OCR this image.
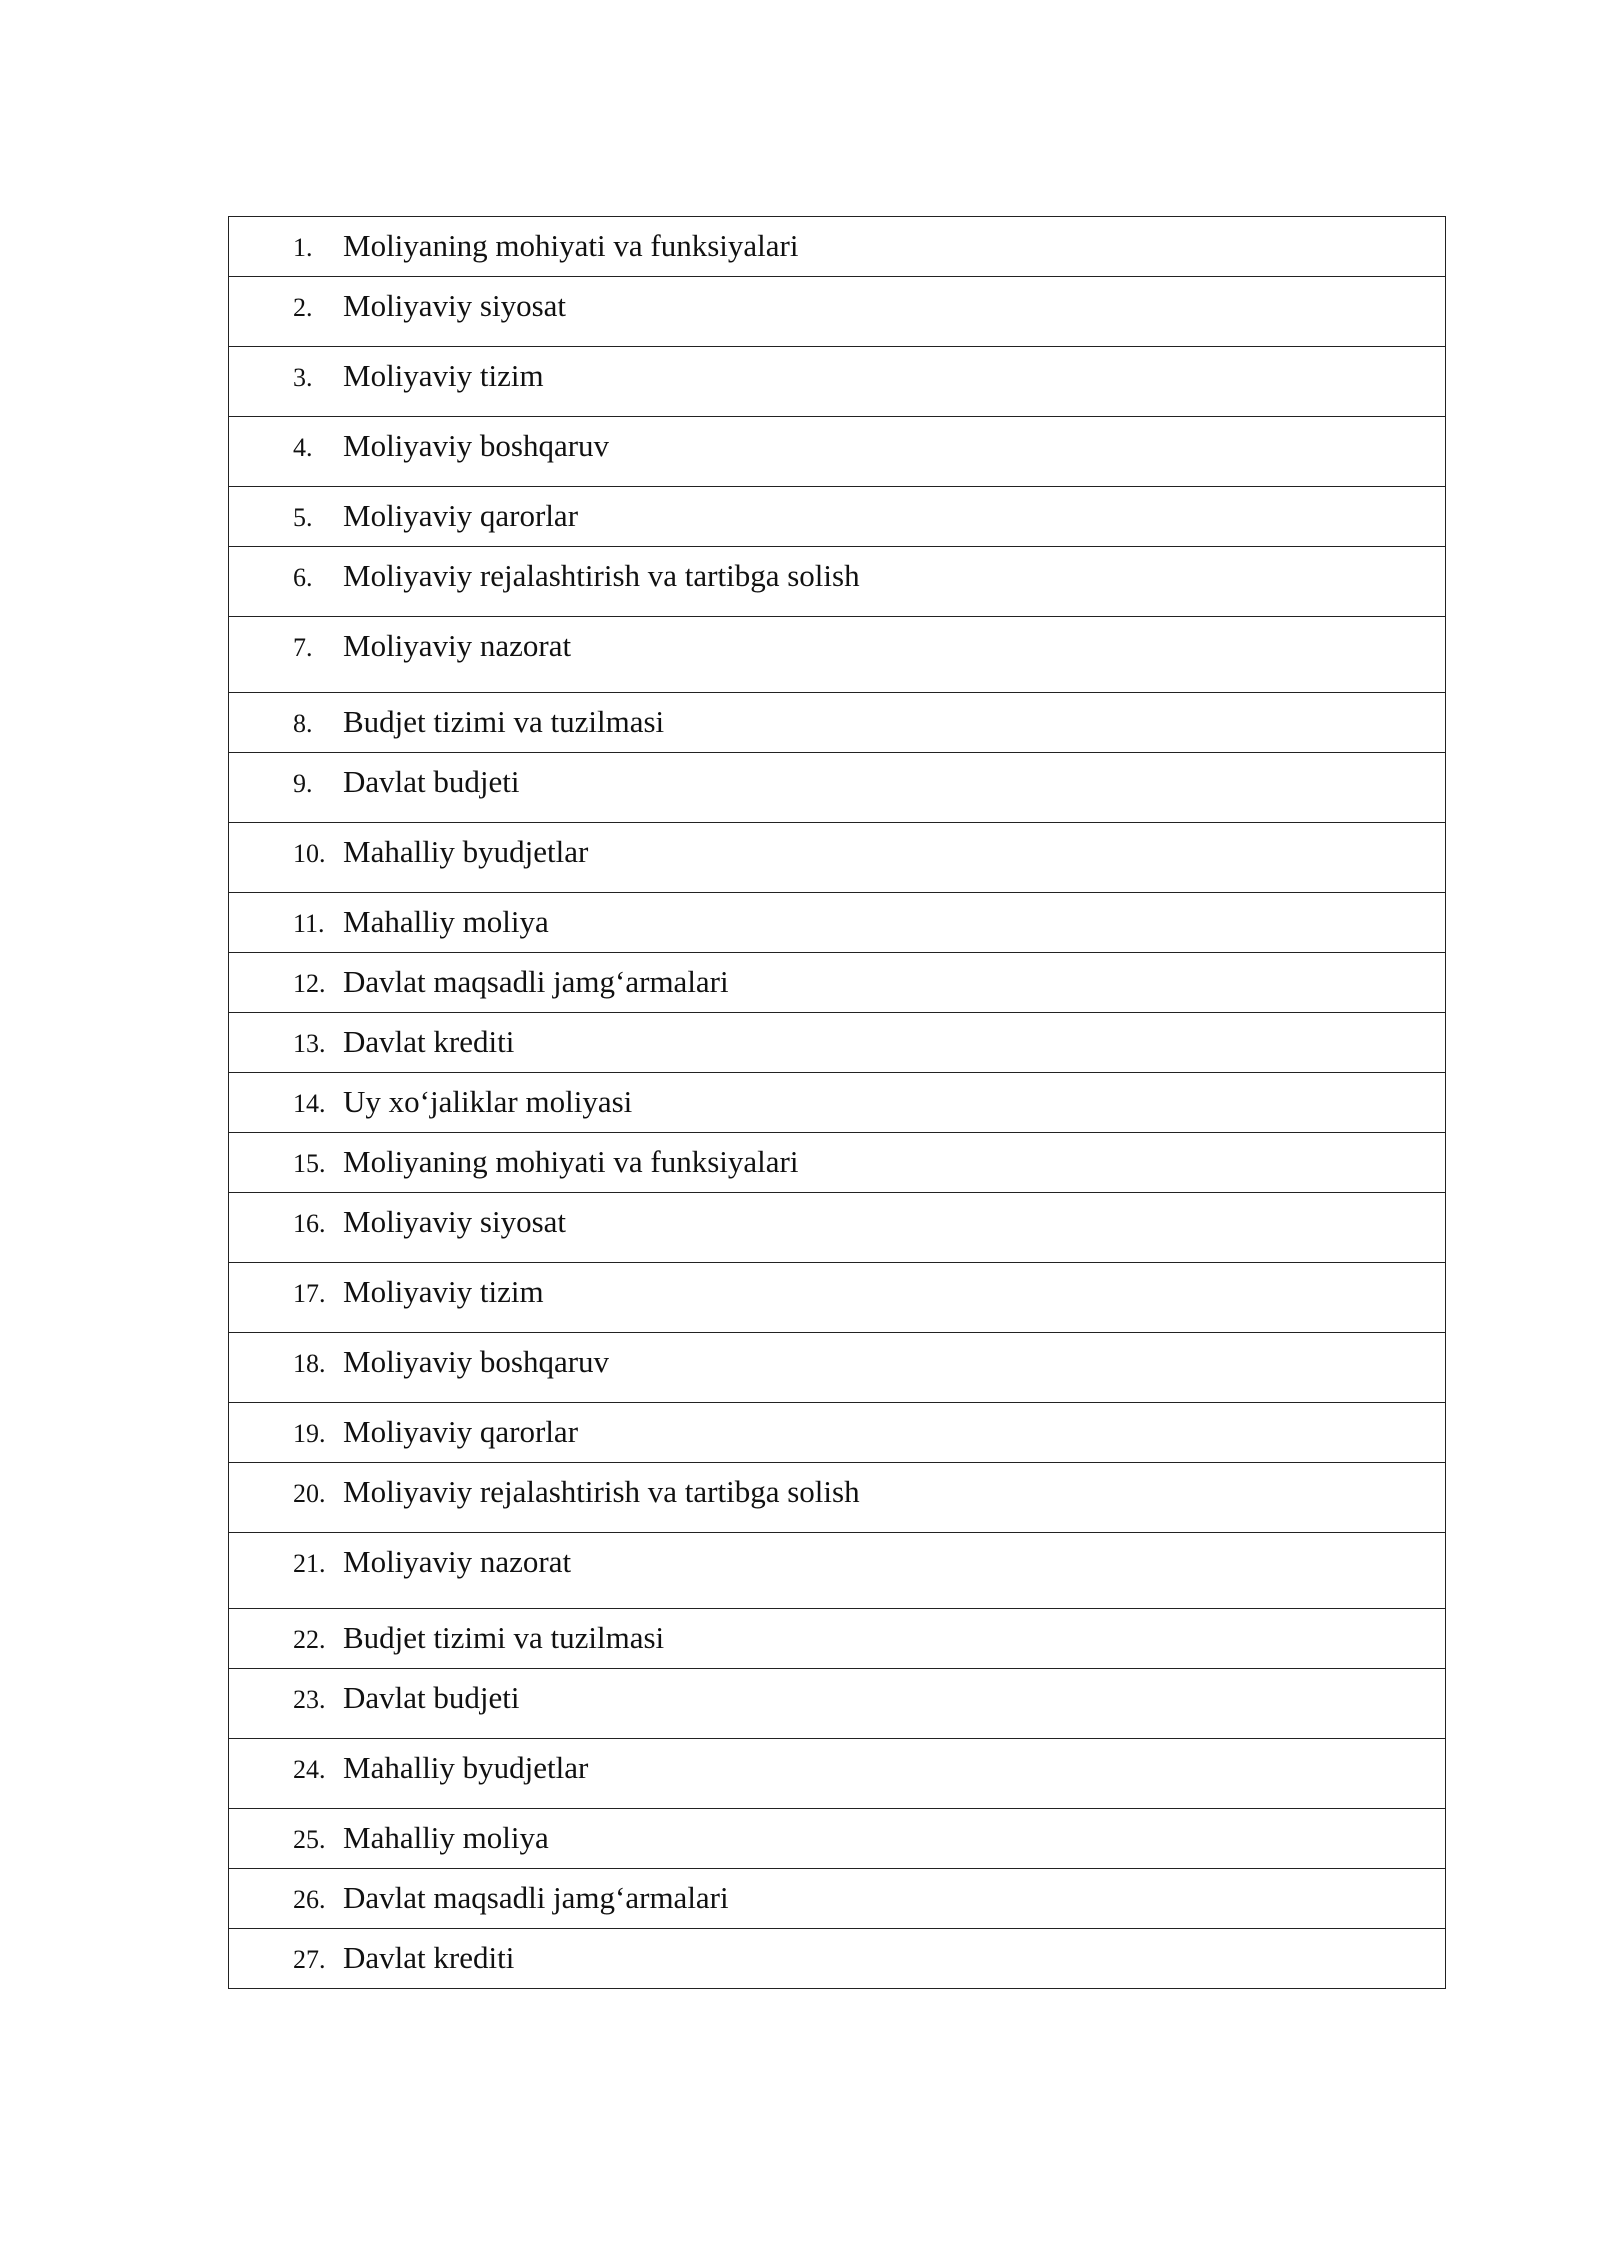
1. Moliyaning mohiyati va funksiyalari

2. Moliyaviy siyosat

3. Moliyaviy tizim

4. Moliyaviy boshqaruv

5. Moliyaviy qarorlar

6. Moliyaviy rejalashtirish va tartibga solish

7. Moliyaviy nazorat

8. Budjet tizimi va tuzilmasi

9. Davlat budjeti

10. Mahalliy byudjetlar

11. Mahalliy moliya

12. Davlat maqsadli jamg‘armalari

13. Davlat krediti

14. Uy xo‘jaliklar moliyasi

15. Moliyaning mohiyati va funksiyalari

16. Moliyaviy siyosat

17. Moliyaviy tizim

18. Moliyaviy boshqaruv

19. Moliyaviy qarorlar

20. Moliyaviy rejalashtirish va tartibga solish

21. Moliyaviy nazorat

22. Budjet tizimi va tuzilmasi

23. Davlat budjeti

24. Mahalliy byudjetlar

25. Mahalliy moliya

26. Davlat maqsadli jamg‘armalari

27. Davlat krediti
